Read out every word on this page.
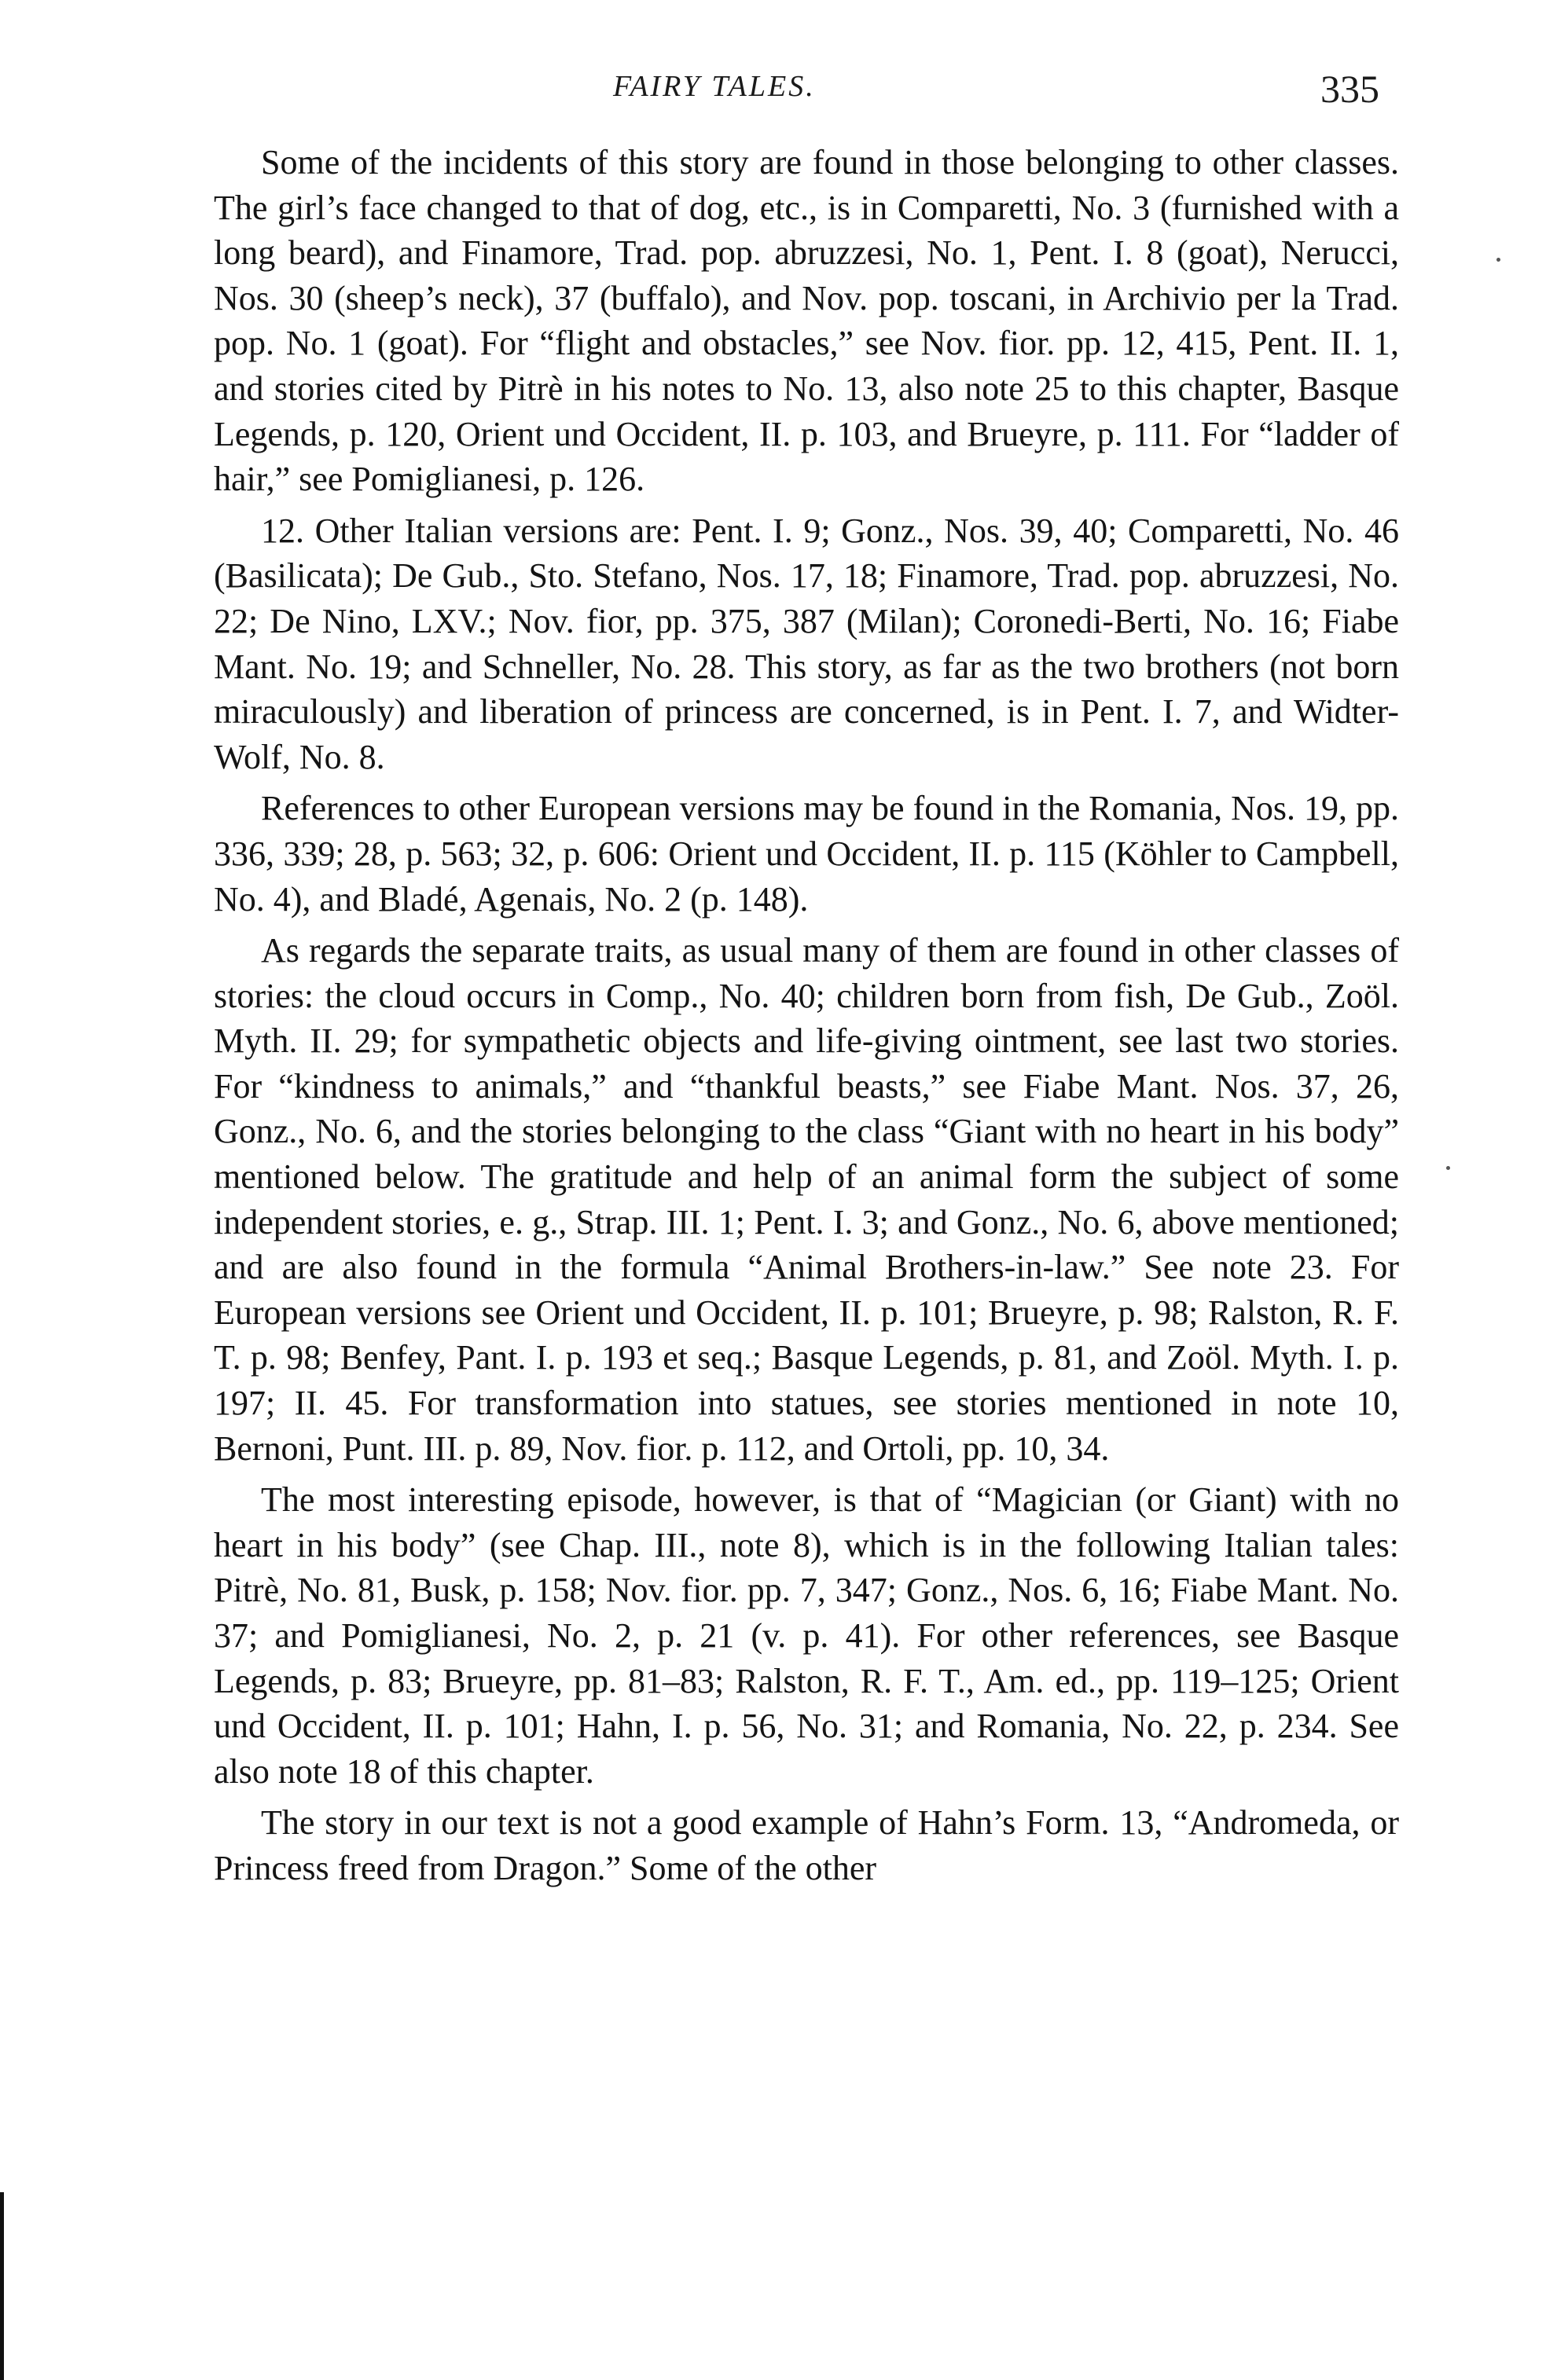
FAIRY TALES.	335

Some of the incidents of this story are found in those belonging to other classes. The girl’s face changed to that of dog, etc., is in Comparetti, No. 3 (furnished with a long beard), and Finamore, Trad. pop. abruzzesi, No. 1, Pent. I. 8 (goat), Nerucci, Nos. 30 (sheep’s neck), 37 (buffalo), and Nov. pop. toscani, in Archivio per la Trad. pop. No. 1 (goat). For “flight and obstacles,” see Nov. fior. pp. 12, 415, Pent. II. 1, and stories cited by Pitrè in his notes to No. 13, also note 25 to this chapter, Basque Legends, p. 120, Orient und Occident, II. p. 103, and Brueyre, p. 111. For “ladder of hair,” see Pomiglianesi, p. 126.

12. Other Italian versions are: Pent. I. 9; Gonz., Nos. 39, 40; Comparetti, No. 46 (Basilicata); De Gub., Sto. Stefano, Nos. 17, 18; Finamore, Trad. pop. abruzzesi, No. 22; De Nino, LXV.; Nov. fior, pp. 375, 387 (Milan); Coronedi-Berti, No. 16; Fiabe Mant. No. 19; and Schneller, No. 28. This story, as far as the two brothers (not born miraculously) and liberation of princess are concerned, is in Pent. I. 7, and Widter-Wolf, No. 8.

References to other European versions may be found in the Romania, Nos. 19, pp. 336, 339; 28, p. 563; 32, p. 606: Orient und Occident, II. p. 115 (Köhler to Campbell, No. 4), and Bladé, Agenais, No. 2 (p. 148).

As regards the separate traits, as usual many of them are found in other classes of stories: the cloud occurs in Comp., No. 40; children born from fish, De Gub., Zoöl. Myth. II. 29; for sympathetic objects and life-giving ointment, see last two stories. For “kindness to animals,” and “thankful beasts,” see Fiabe Mant. Nos. 37, 26, Gonz., No. 6, and the stories belonging to the class “Giant with no heart in his body” mentioned below. The gratitude and help of an animal form the subject of some independent stories, e. g., Strap. III. 1; Pent. I. 3; and Gonz., No. 6, above mentioned; and are also found in the formula “Animal Brothers-in-law.” See note 23. For European versions see Orient und Occident, II. p. 101; Brueyre, p. 98; Ralston, R. F. T. p. 98; Benfey, Pant. I. p. 193 et seq.; Basque Legends, p. 81, and Zoöl. Myth. I. p. 197; II. 45. For transformation into statues, see stories mentioned in note 10, Bernoni, Punt. III. p. 89, Nov. fior. p. 112, and Ortoli, pp. 10, 34.

The most interesting episode, however, is that of “Magician (or Giant) with no heart in his body” (see Chap. III., note 8), which is in the following Italian tales: Pitrè, No. 81, Busk, p. 158; Nov. fior. pp. 7, 347; Gonz., Nos. 6, 16; Fiabe Mant. No. 37; and Pomiglianesi, No. 2, p. 21 (v. p. 41). For other references, see Basque Legends, p. 83; Brueyre, pp. 81–83; Ralston, R. F. T., Am. ed., pp. 119–125; Orient und Occident, II. p. 101; Hahn, I. p. 56, No. 31; and Romania, No. 22, p. 234. See also note 18 of this chapter.

The story in our text is not a good example of Hahn’s Form. 13, “Andromeda, or Princess freed from Dragon.” Some of the other
